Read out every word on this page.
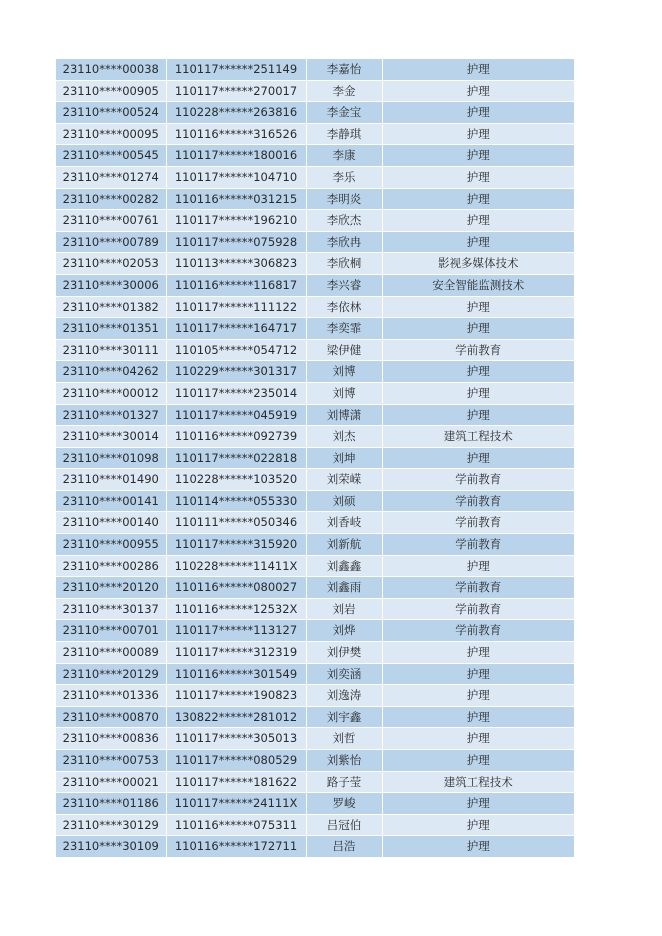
23110****00038	110117******251149	李嘉怡	护理
23110****00905	110117******270017	李金	护理
23110****00524	110228******263816	李金宝	护理
23110****00095	110116******316526	李静琪	护理
23110****00545	110117******180016	李康	护理
23110****01274	110117******104710	李乐	护理
23110****00282	110116******031215	李明炎	护理
23110****00761	110117******196210	李欣杰	护理
23110****00789	110117******075928	李欣冉	护理
23110****02053	110113******306823	李欣桐	影视多媒体技术
23110****30006	110116******116817	李兴睿	安全智能监测技术
23110****01382	110117******111122	李依林	护理
23110****01351	110117******164717	李奕霏	护理
23110****30111	110105******054712	梁伊健	学前教育
23110****04262	110229******301317	刘博	护理
23110****00012	110117******235014	刘博	护理
23110****01327	110117******045919	刘博潇	护理
23110****30014	110116******092739	刘杰	建筑工程技术
23110****01098	110117******022818	刘坤	护理
23110****01490	110228******103520	刘荣嵘	学前教育
23110****00141	110114******055330	刘硕	学前教育
23110****00140	110111******050346	刘香岐	学前教育
23110****00955	110117******315920	刘新航	学前教育
23110****00286	110228******11411X	刘鑫鑫	护理
23110****20120	110116******080027	刘鑫雨	学前教育
23110****30137	110116******12532X	刘岩	学前教育
23110****00701	110117******113127	刘烨	学前教育
23110****00089	110117******312319	刘伊樊	护理
23110****20129	110116******301549	刘奕涵	护理
23110****01336	110117******190823	刘逸涛	护理
23110****00870	130822******281012	刘宇鑫	护理
23110****00836	110117******305013	刘哲	护理
23110****00753	110117******080529	刘紫怡	护理
23110****00021	110117******181622	路子莹	建筑工程技术
23110****01186	110117******24111X	罗峻	护理
23110****30129	110116******075311	吕冠伯	护理
23110****30109	110116******172711	吕浩	护理
